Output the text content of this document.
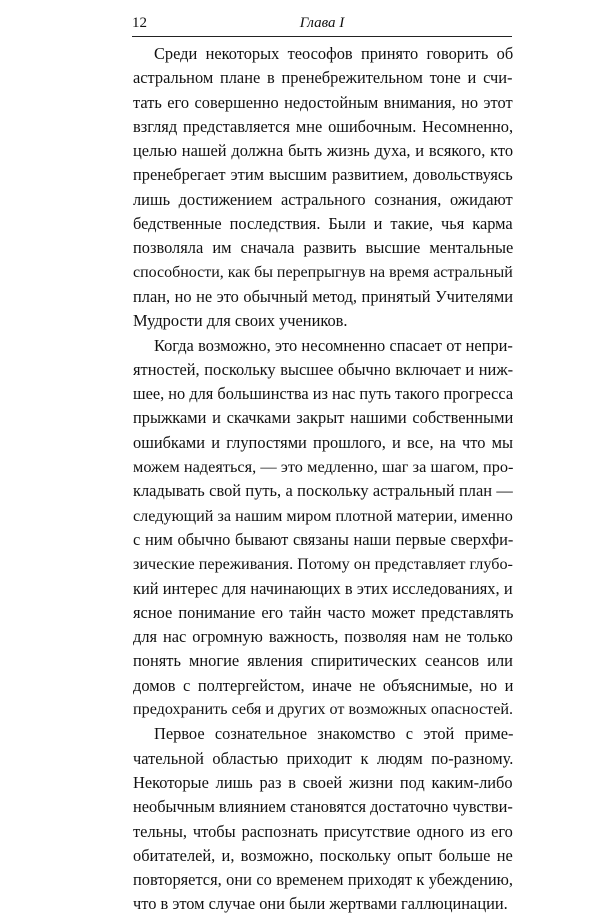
12	Глава I
Среди некоторых теософов принято говорить об
астральном плане в пренебрежительном тоне и счи-
тать его совершенно недостойным внимания, но этот
взгляд представляется мне ошибочным. Несомненно,
целью нашей должна быть жизнь духа, и всякого, кто
пренебрегает этим высшим развитием, довольствуясь
лишь достижением астрального сознания, ожидают
бедственные последствия. Были и такие, чья карма
позволяла им сначала развить высшие ментальные
способности, как бы перепрыгнув на время астральный
план, но не это обычный метод, принятый Учителями
Мудрости для своих учеников.
Когда возможно, это несомненно спасает от непри-
ятностей, поскольку высшее обычно включает и ниж-
шее, но для большинства из нас путь такого прогресса
прыжками и скачками закрыт нашими собственными
ошибками и глупостями прошлого, и все, на что мы
можем надеяться, — это медленно, шаг за шагом, про-
кладывать свой путь, а поскольку астральный план —
следующий за нашим миром плотной материи, именно
с ним обычно бывают связаны наши первые сверхфи-
зические переживания. Потому он представляет глубо-
кий интерес для начинающих в этих исследованиях, и
ясное понимание его тайн часто может представлять
для нас огромную важность, позволяя нам не только
понять многие явления спиритических сеансов или
домов с полтергейстом, иначе не объяснимые, но и
предохранить себя и других от возможных опасностей.
Первое сознательное знакомство с этой приме-
чательной областью приходит к людям по-разному.
Некоторые лишь раз в своей жизни под каким-либо
необычным влиянием становятся достаточно чувстви-
тельны, чтобы распознать присутствие одного из его
обитателей, и, возможно, поскольку опыт больше не
повторяется, они со временем приходят к убеждению,
что в этом случае они были жертвами галлюцинации.
